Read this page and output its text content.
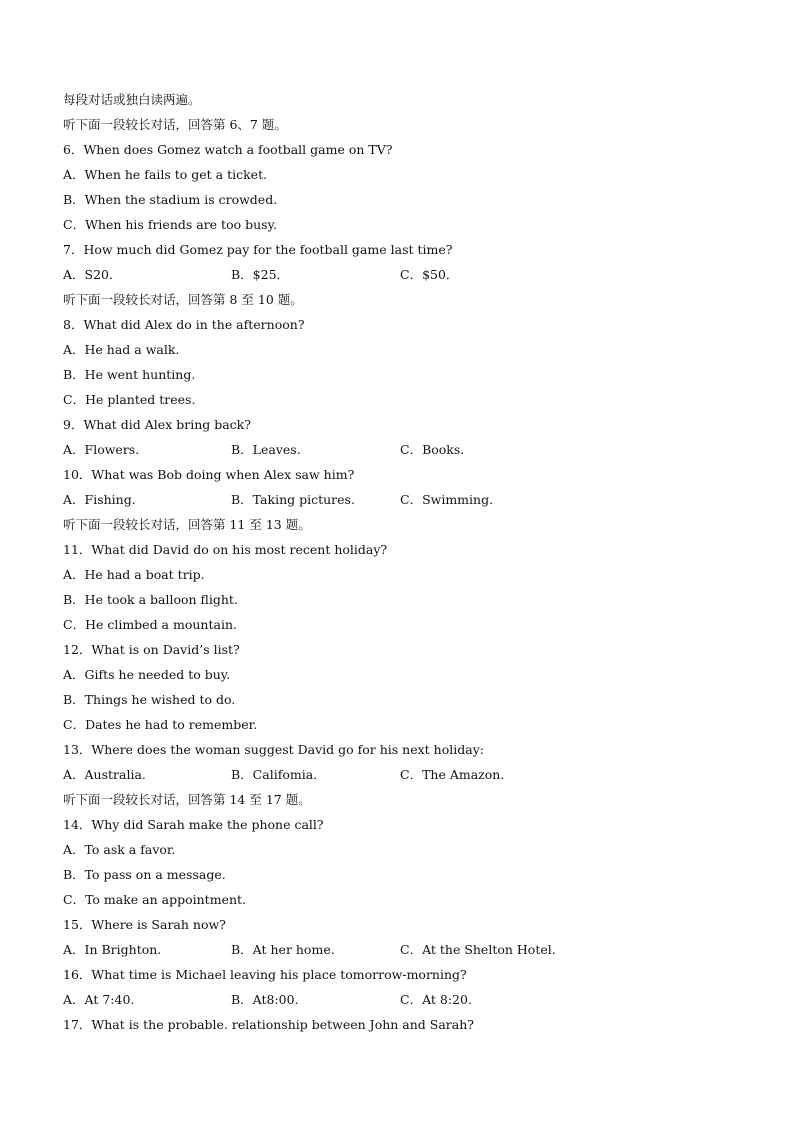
每段对话或独白读两遍。
听下面一段较长对话，回答第 6、7 题。
6．When does Gomez watch a football game on TV?
A．When he fails to get a ticket.
B．When the stadium is crowded.
C．When his friends are too busy.
7．How much did Gomez pay for the football game last time?
A．S20．	B．$25．	C．$50．
听下面一段较长对话，回答第 8 至 10 题。
8．What did Alex do in the afternoon?
A．He had a walk.
B．He went hunting.
C．He planted trees.
9．What did Alex bring back?
A．Flowers.	B．Leaves.	C．Books.
10．What was Bob doing when Alex saw him?
A．Fishing.	B．Taking pictures.	C．Swimming.
听下面一段较长对话，回答第 11 至 13 题。
11．What did David do on his most recent holiday?
A．He had a boat trip.
B．He took a balloon flight.
C．He climbed a mountain.
12．What is on David’s list?
A．Gifts he needed to buy.
B．Things he wished to do.
C．Dates he had to remember.
13．Where does the woman suggest David go for his next holiday:
A．Australia.	B．Califomia.	C．The Amazon.
听下面一段较长对话，回答第 14 至 17 题。
14．Why did Sarah make the phone call?
A．To ask a favor.
B．To pass on a message.
C．To make an appointment.
15．Where is Sarah now?
A．In Brighton.	B．At her home.	C．At the Shelton Hotel.
16．What time is Michael leaving his place tomorrow-morning?
A．At 7:40.	B．At8:00.	C．At 8:20.
17．What is the probable. relationship between John and Sarah?
